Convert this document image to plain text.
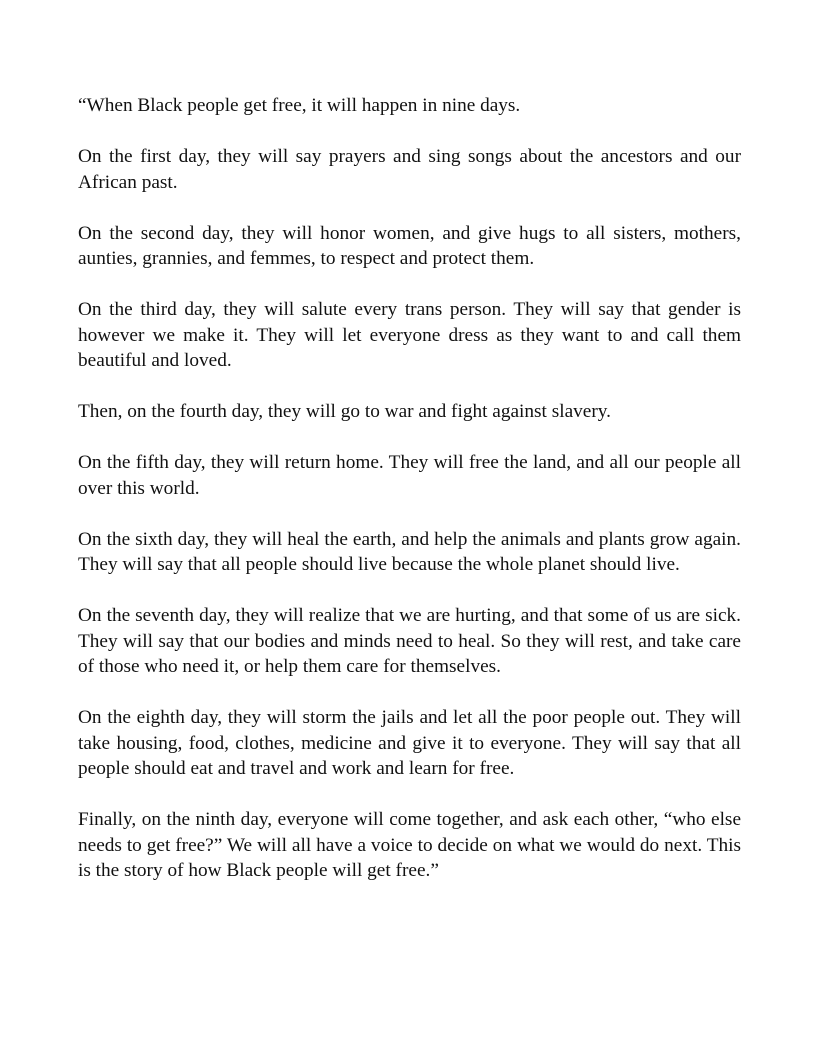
“When Black people get free, it will happen in nine days.

On the first day, they will say prayers and sing songs about the ancestors and our African past.

On the second day, they will honor women, and give hugs to all sisters, mothers, aunties, grannies, and femmes, to respect and protect them.

On the third day, they will salute every trans person. They will say that gender is however we make it. They will let everyone dress as they want to and call them beautiful and loved.

Then, on the fourth day, they will go to war and fight against slavery.

On the fifth day, they will return home. They will free the land, and all our people all over this world.

On the sixth day, they will heal the earth, and help the animals and plants grow again. They will say that all people should live because the whole planet should live.

On the seventh day, they will realize that we are hurting, and that some of us are sick. They will say that our bodies and minds need to heal. So they will rest, and take care of those who need it, or help them care for themselves.

On the eighth day, they will storm the jails and let all the poor people out. They will take housing, food, clothes, medicine and give it to everyone. They will say that all people should eat and travel and work and learn for free.

Finally, on the ninth day, everyone will come together, and ask each other, “who else needs to get free?” We will all have a voice to decide on what we would do next. This is the story of how Black people will get free.”
